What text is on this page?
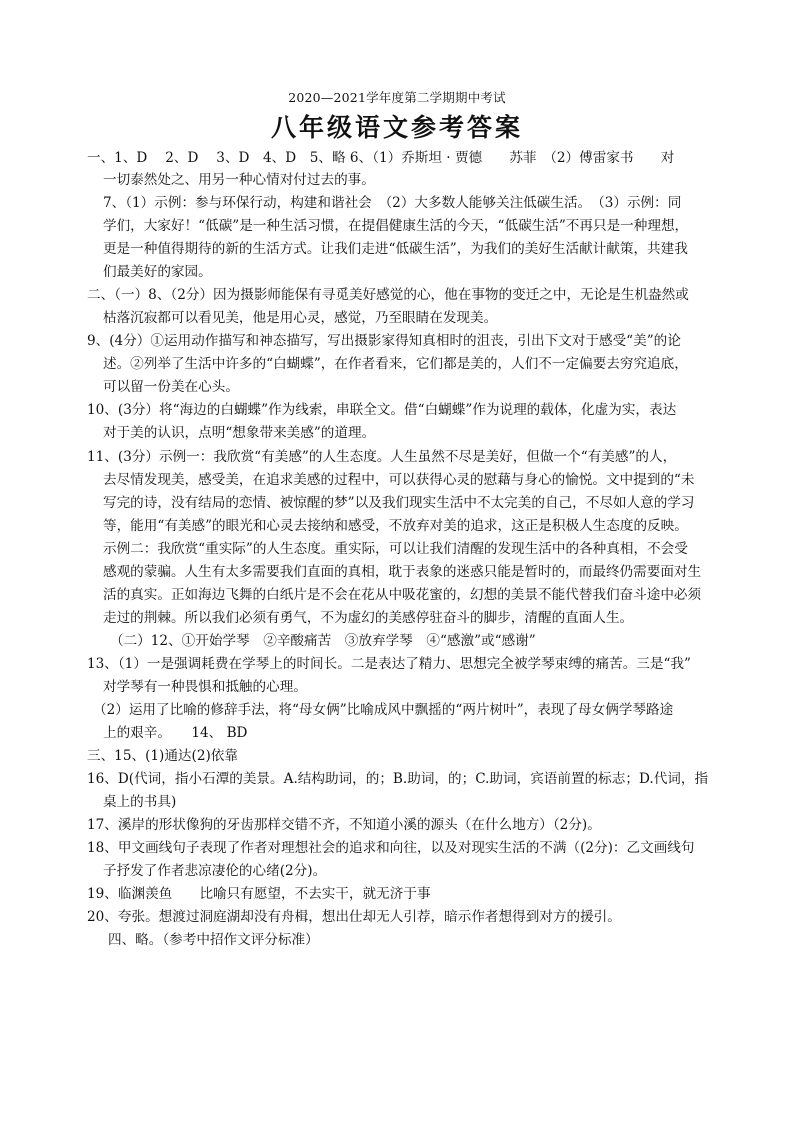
2020—2021学年度第二学期期中考试
八年级语文参考答案
一、1、D　 2、D　 3、D　4、D　5、略 6、（1）乔斯坦 · 贾德　　苏菲　（2）傅雷家书　　对
一切泰然处之、用另一种心情对付过去的事。
7、（1）示例：参与环保行动，构建和谐社会　（2）大多数人能够关注低碳生活。　（3）示例：同
学们，大家好！“低碳”是一种生活习惯，在提倡健康生活的今天，“低碳生活”不再只是一种理想，
更是一种值得期待的新的生活方式。让我们走进“低碳生活”，为我们的美好生活献计献策，共建我
们最美好的家园。
二、（一）8、（2分）因为摄影师能保有寻觅美好感觉的心，他在事物的变迁之中，无论是生机盎然或
枯落沉寂都可以看见美，他是用心灵，感觉，乃至眼睛在发现美。
9、(4分）①运用动作描写和神态描写，写出摄影家得知真相时的沮丧，引出下文对于感受“美”的论
述。②列举了生活中许多的“白蝴蝶”，在作者看来，它们都是美的，人们不一定偏要去穷究追底，
可以留一份美在心头。
10、(3分）将“海边的白蝴蝶”作为线索，串联全文。借“白蝴蝶”作为说理的载体，化虚为实，表达
对于美的认识，点明“想象带来美感”的道理。
11、(3分）示例一：我欣赏“有美感”的人生态度。人生虽然不尽是美好，但做一个“有美感”的人，
去尽情发现美，感受美，在追求美感的过程中，可以获得心灵的慰藉与身心的愉悦。文中提到的“未
写完的诗，没有结局的恋情、被惊醒的梦”以及我们现实生活中不太完美的自己，不尽如人意的学习
等，能用“有美感”的眼光和心灵去接纳和感受，不放弃对美的追求，这正是积极人生态度的反映。
示例二：我欣赏“重实际”的人生态度。重实际，可以让我们清醒的发现生活中的各种真相，不会受
感观的蒙骗。人生有太多需要我们直面的真相，耽于表象的迷惑只能是暂时的，而最终仍需要面对生
活的真实。正如海边飞舞的白纸片是不会在花从中吸花蜜的，幻想的美景不能代替我们奋斗途中必须
走过的荆棘。所以我们必须有勇气，不为虚幻的美感停驻奋斗的脚步，清醒的直面人生。
（二）12、①开始学琴　②辛酸痛苦　③放弃学琴　④“感激”或“感谢”
13、（1）一是强调耗费在学琴上的时间长。二是表达了精力、思想完全被学琴束缚的痛苦。三是“我”
对学琴有一种畏惧和抵触的心理。
（2）运用了比喻的修辞手法，将“母女俩”比喻成风中飘摇的“两片树叶”，表现了母女俩学琴路途
上的艰辛。　　14、 BD
三、15、(1)通达(2)依靠
16、D(代词，指小石潭的美景。A.结构助词，的；B.助词，的；C.助词，宾语前置的标志；D.代词，指
桌上的书具)
17、溪岸的形状像狗的牙齿那样交错不齐，不知道小溪的源头（在什么地方）（2分)。
18、甲文画线句子表现了作者对理想社会的追求和向往，以及对现实生活的不满（(2分)：乙文画线句
子抒发了作者悲凉凄伦的心绪(2分)。
19、临渊羡鱼　　比喻只有愿望，不去实干，就无济于事
20、夸张。想渡过洞庭湖却没有舟楫，想出仕却无人引荐，暗示作者想得到对方的援引。
四、略。（参考中招作文评分标准）
